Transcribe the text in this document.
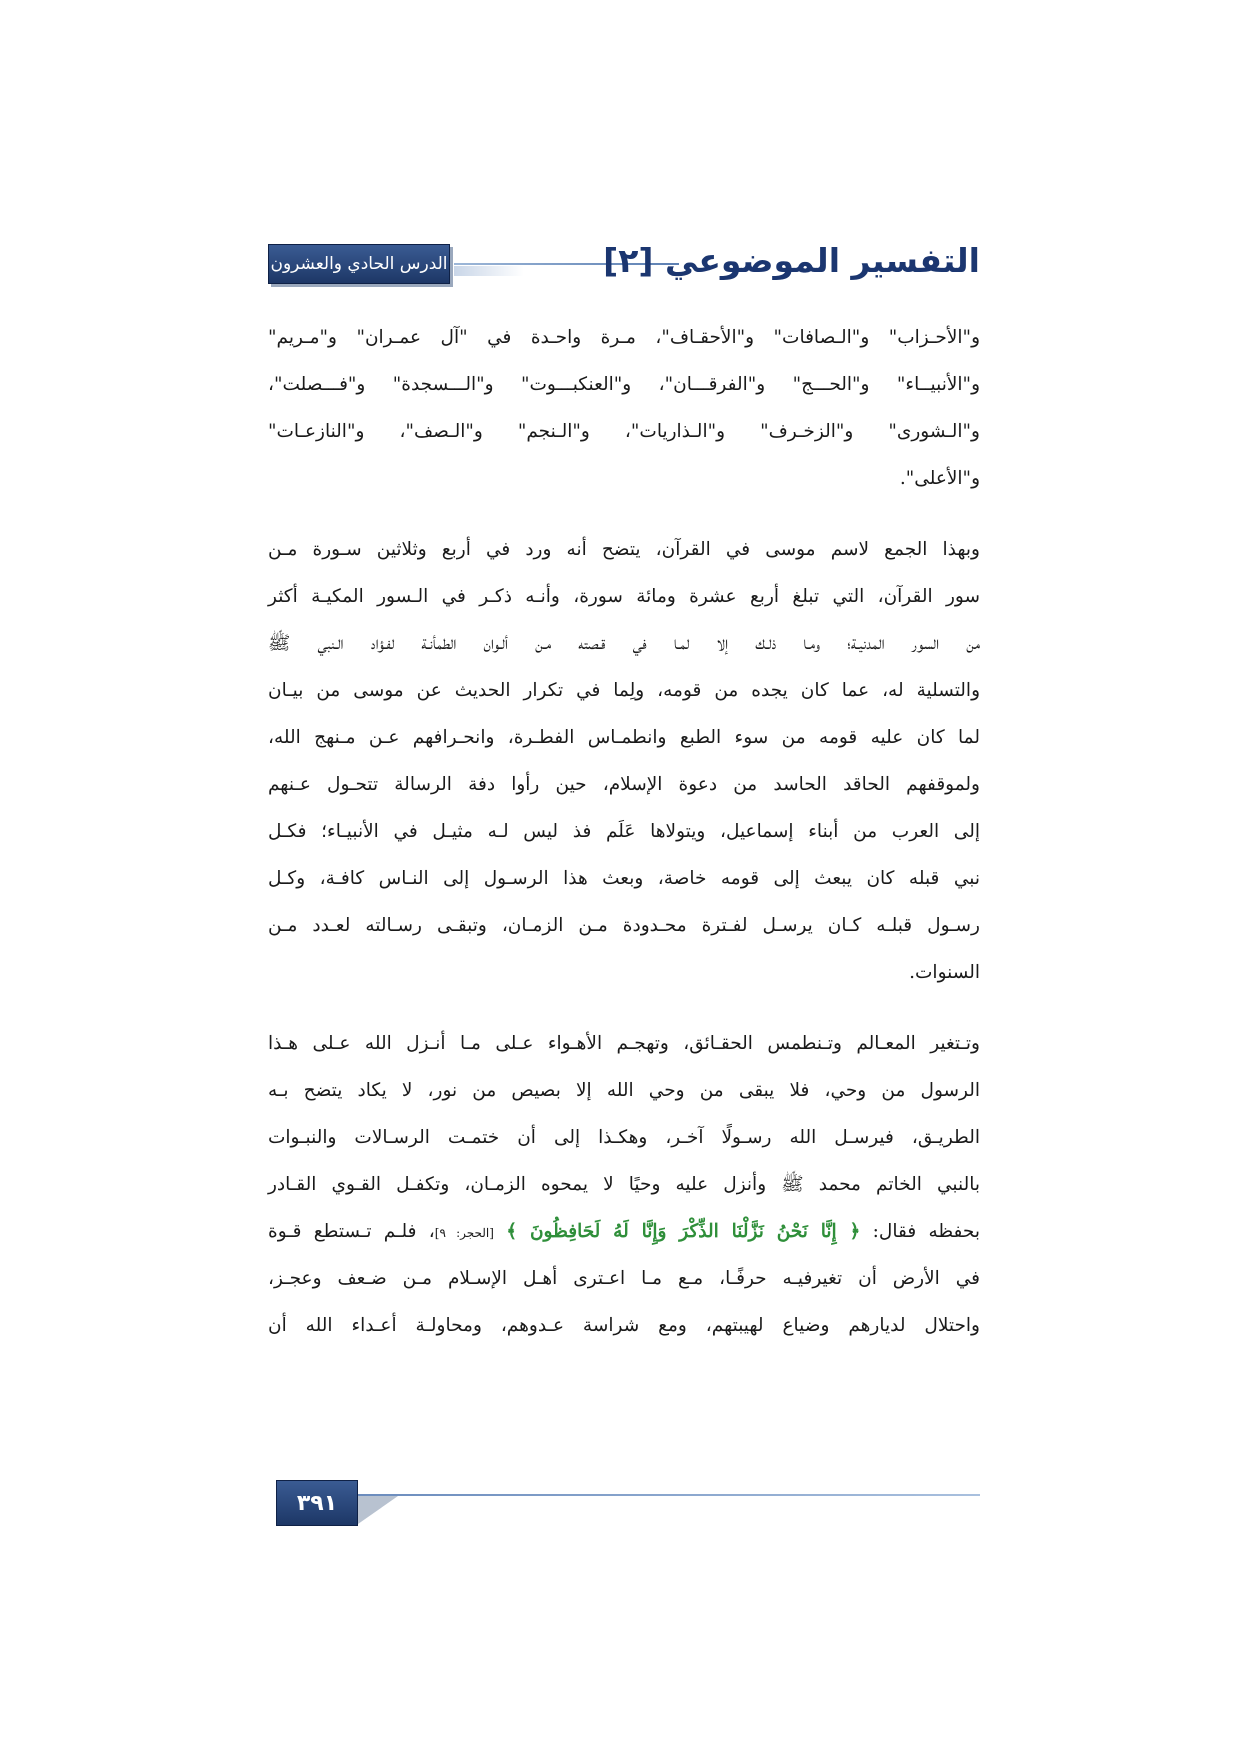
الدرس الحادي والعشرون	التفسير الموضوعي [٢]
و"الأحـزاب" و"الـصافات" و"الأحقـاف"، مـرة واحـدة في "آل عمـران" و"مـريم"
و"الأنبيــاء" و"الحـــج" و"الفرقـــان"، و"العنكبـــوت" و"الـــسجدة" و"فـــصلت"،
و"الـشورى" و"الزخـرف" و"الـذاريات"، و"الـنجم" و"الـصف"، و"النازعـات"
و"الأعلى".
وبهذا الجمع لاسم موسى في القرآن، يتضح أنه ورد في أربع وثلاثين سـورة مـن
سور القرآن، التي تبلغ أربع عشرة ومائة سورة، وأنـه ذكـر في الـسور المكيـة أكثر
من السور المدنيـة؛ ومـا ذلـك إلا لمـا في قـصته مـن ألـوان الطمأنـة لفـؤاد الـنبي ﷺ
والتسلية له، عما كان يجده من قومه، ولِما في تكرار الحديث عن موسى من بيـان
لما كان عليه قومه من سوء الطبع وانطمـاس الفطـرة، وانحـرافهم عـن مـنهج الله،
ولموقفهم الحاقد الحاسد من دعوة الإسلام، حين رأوا دفة الرسالة تتحـول عـنهم
إلى العرب من أبناء إسماعيل، ويتولاها عَلَم فذ ليس لـه مثيـل في الأنبيـاء؛ فكـل
نبي قبله كان يبعث إلى قومه خاصة، وبعث هذا الرسـول إلى النـاس كافـة، وكـل
رسـول قبلـه كـان يرسـل لفـترة محـدودة مـن الزمـان، وتبقـى رسـالته لعـدد مـن
السنوات.
وتـتغير المعـالم وتـنطمس الحقـائق، وتهجـم الأهـواء عـلى مـا أنـزل الله عـلى هـذا
الرسول من وحي، فلا يبقى من وحي الله إلا بصيص من نور، لا يكاد يتضح بـه
الطريـق، فيرسـل الله رسـولًا آخـر، وهكـذا إلى أن ختمـت الرسـالات والنبـوات
بالنبي الخاتم محمد ﷺ وأنزل عليه وحيًا لا يمحوه الزمـان، وتكفـل القـوي القـادر
بحفظه فقال: ﴿ إِنَّا نَحْنُ نَزَّلْنَا الذِّكْرَ وَإِنَّا لَهُ لَحَافِظُونَ ﴾ [الحجر: ٩]، فلـم تـستطع قـوة
في الأرض أن تغيرفيـه حرفًـا، مـع مـا اعـترى أهـل الإسـلام مـن ضـعف وعجـز،
واحتلال لديارهم وضياع لهيبتهم، ومع شراسة عـدوهم، ومحاولـة أعـداء الله أن
٣٩١
